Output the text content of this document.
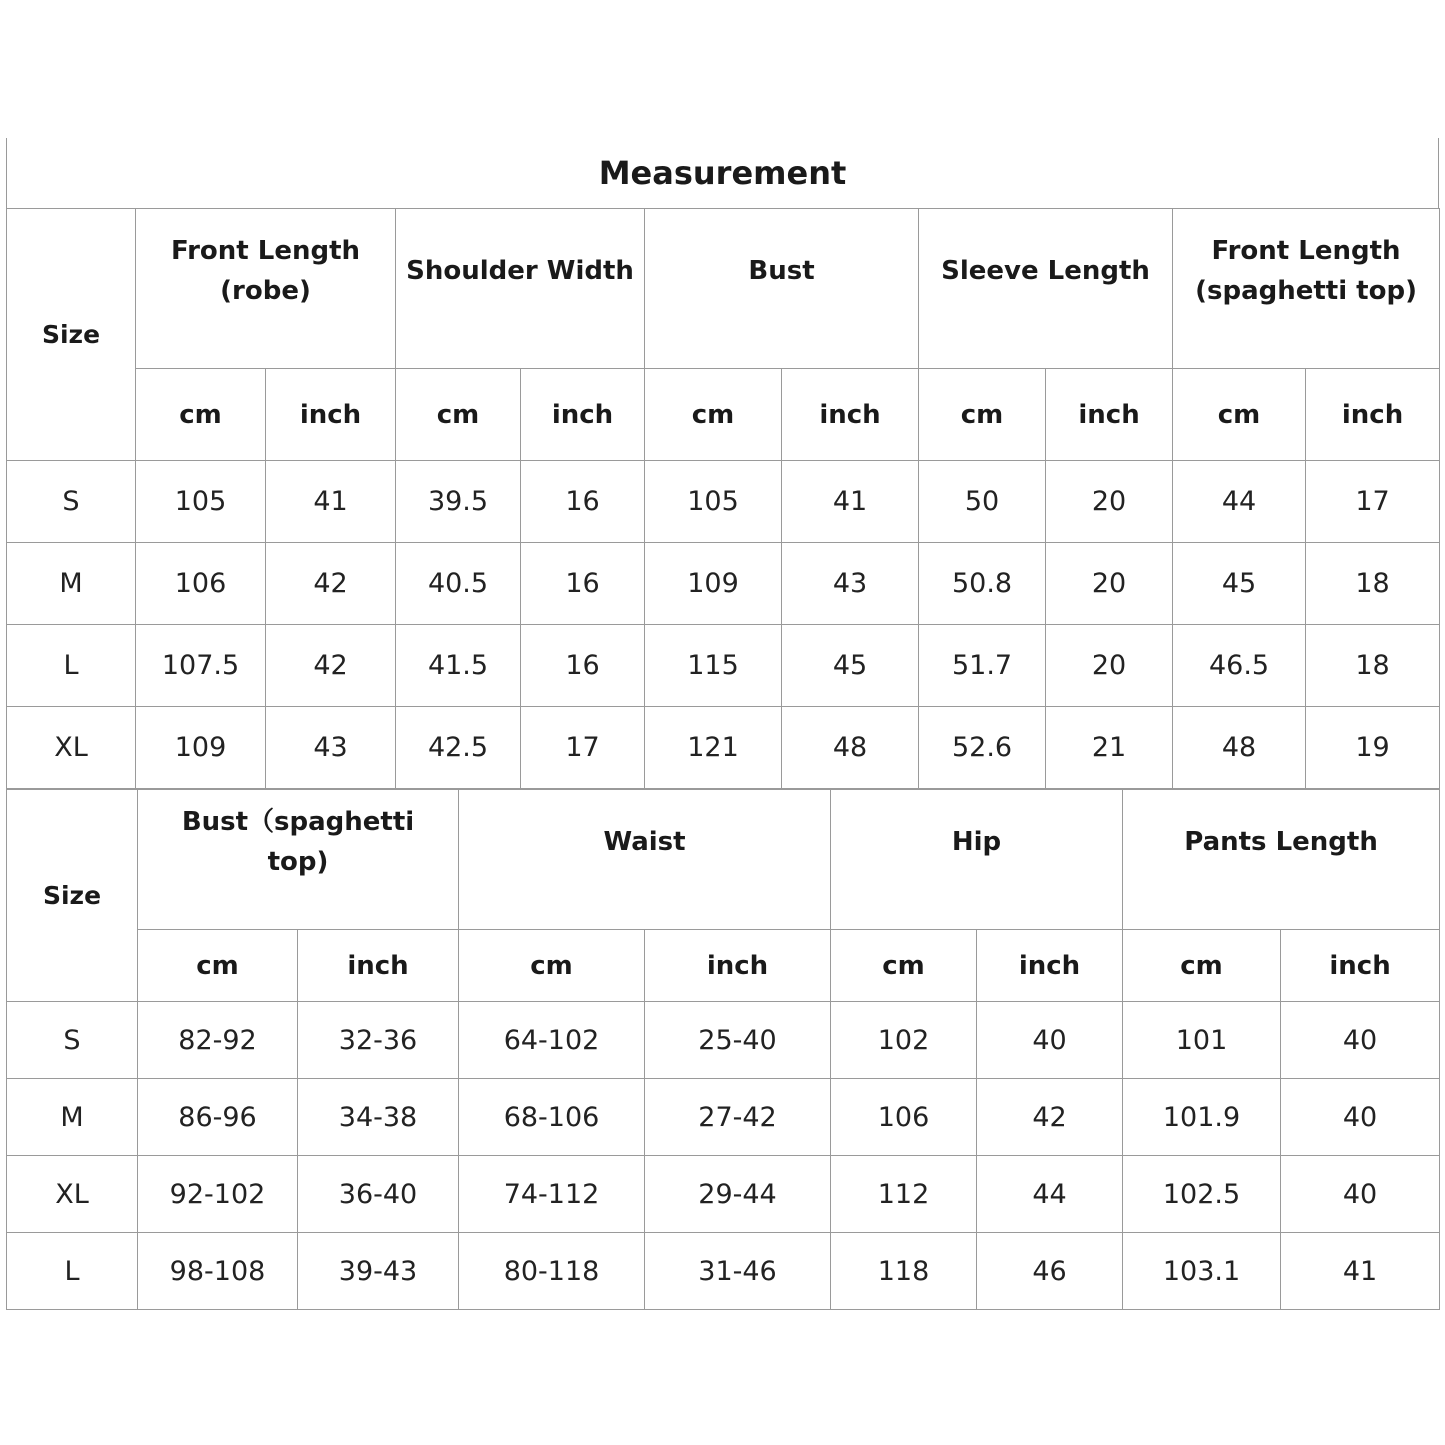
Measurement
Size	Front Length
(robe)		Shoulder Width		Bust		Sleeve Length		Front Length
(spaghetti top)	

	cm	inch	cm	inch	cm	inch	cm	inch	cm	inch
S	105	41	39.5	16	105	41	50	20	44	17
M	106	42	40.5	16	109	43	50.8	20	45	18
L	107.5	42	41.5	16	115	45	51.7	20	46.5	18
XL	109	43	42.5	17	121	48	52.6	21	48	19
Size	Bust（spaghetti
top)		Waist		Hip		Pants Length	

	cm	inch	cm	inch	cm	inch	cm	inch
S	82-92	32-36	64-102	25-40	102	40	101	40
M	86-96	34-38	68-106	27-42	106	42	101.9	40
XL	92-102	36-40	74-112	29-44	112	44	102.5	40
L	98-108	39-43	80-118	31-46	118	46	103.1	41
